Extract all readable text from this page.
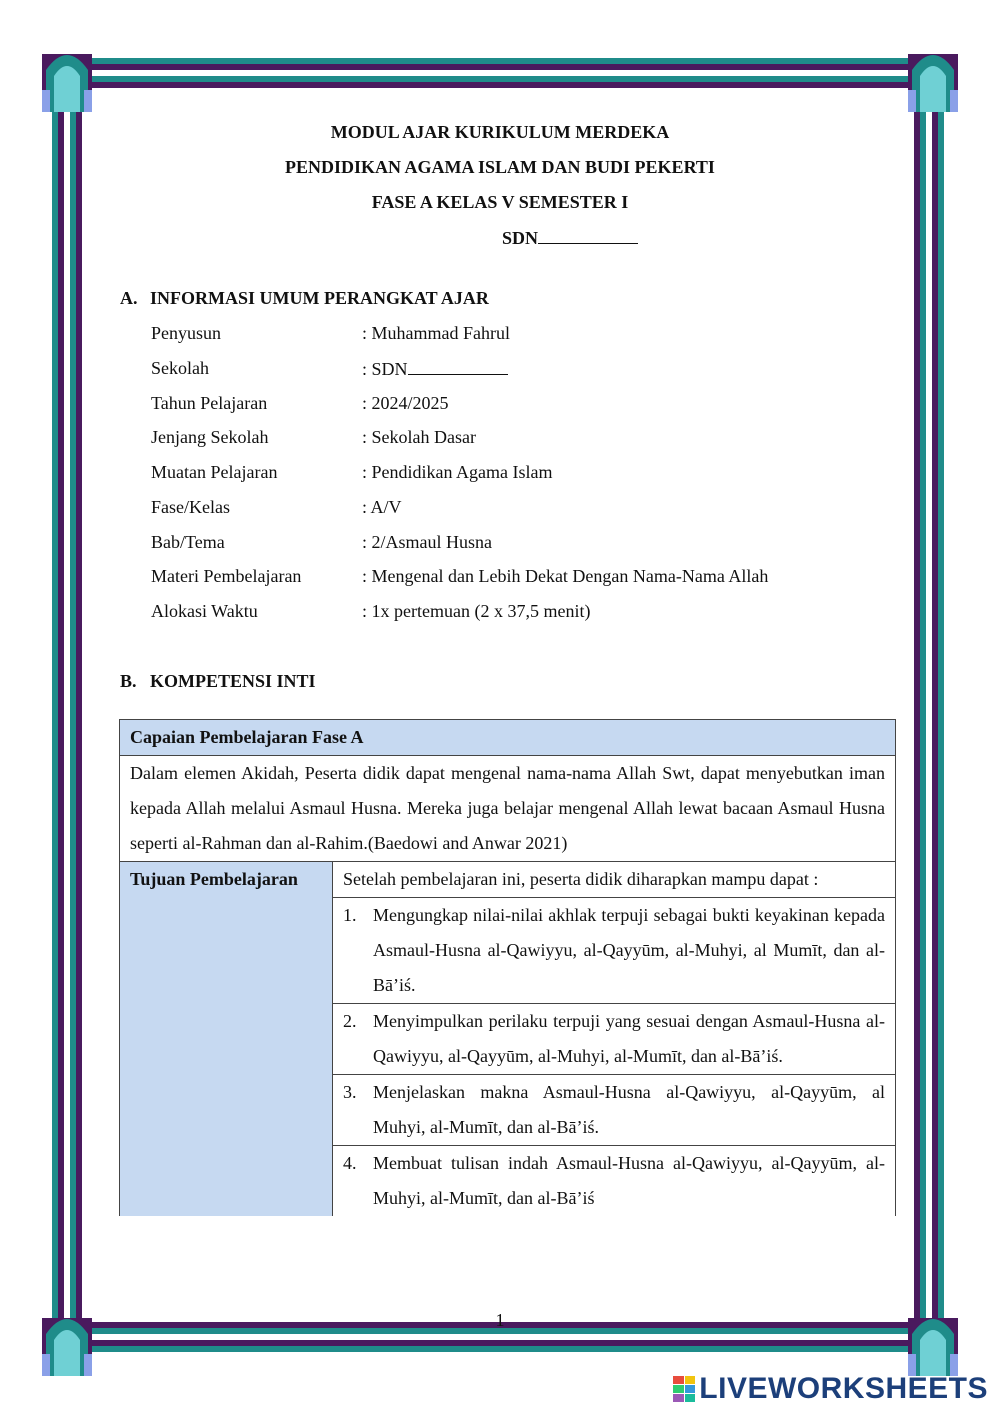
MODUL AJAR KURIKULUM MERDEKA
PENDIDIKAN AGAMA ISLAM DAN BUDI PEKERTI
FASE A KELAS V SEMESTER I
SDN
A. INFORMASI UMUM PERANGKAT AJAR
Penyusun	: Muhammad Fahrul
Sekolah	: SDN
Tahun Pelajaran	: 2024/2025
Jenjang Sekolah	: Sekolah Dasar
Muatan Pelajaran	: Pendidikan Agama Islam
Fase/Kelas	: A/V
Bab/Tema	: 2/Asmaul Husna
Materi Pembelajaran	: Mengenal dan Lebih Dekat Dengan Nama-Nama Allah
Alokasi Waktu	: 1x pertemuan (2 x 37,5 menit)
B. KOMPETENSI INTI
Capaian Pembelajaran Fase A
Dalam elemen Akidah, Peserta didik dapat mengenal nama-nama Allah Swt, dapat menyebutkan iman kepada Allah melalui Asmaul Husna. Mereka juga belajar mengenal Allah lewat bacaan Asmaul Husna seperti al-Rahman dan al-Rahim.(Baedowi and Anwar 2021)
Tujuan Pembelajaran	Setelah pembelajaran ini, peserta didik diharapkan mampu dapat :

1. Mengungkap nilai-nilai akhlak terpuji sebagai bukti keyakinan kepada Asmaul-Husna al-Qawiyyu, al-Qayyūm, al-Muhyi, al Mumīt, dan al-Bā’iś.

2. Menyimpulkan perilaku terpuji yang sesuai dengan Asmaul-Husna al-Qawiyyu, al-Qayyūm, al-Muhyi, al-Mumīt, dan al-Bā’iś.

3. Menjelaskan makna Asmaul-Husna al-Qawiyyu, al-Qayyūm, al Muhyi, al-Mumīt, dan al-Bā’iś.

4. Membuat tulisan indah Asmaul-Husna al-Qawiyyu, al-Qayyūm, al-Muhyi, al-Mumīt, dan al-Bā’iś
1
LIVEWORKSHEETS
